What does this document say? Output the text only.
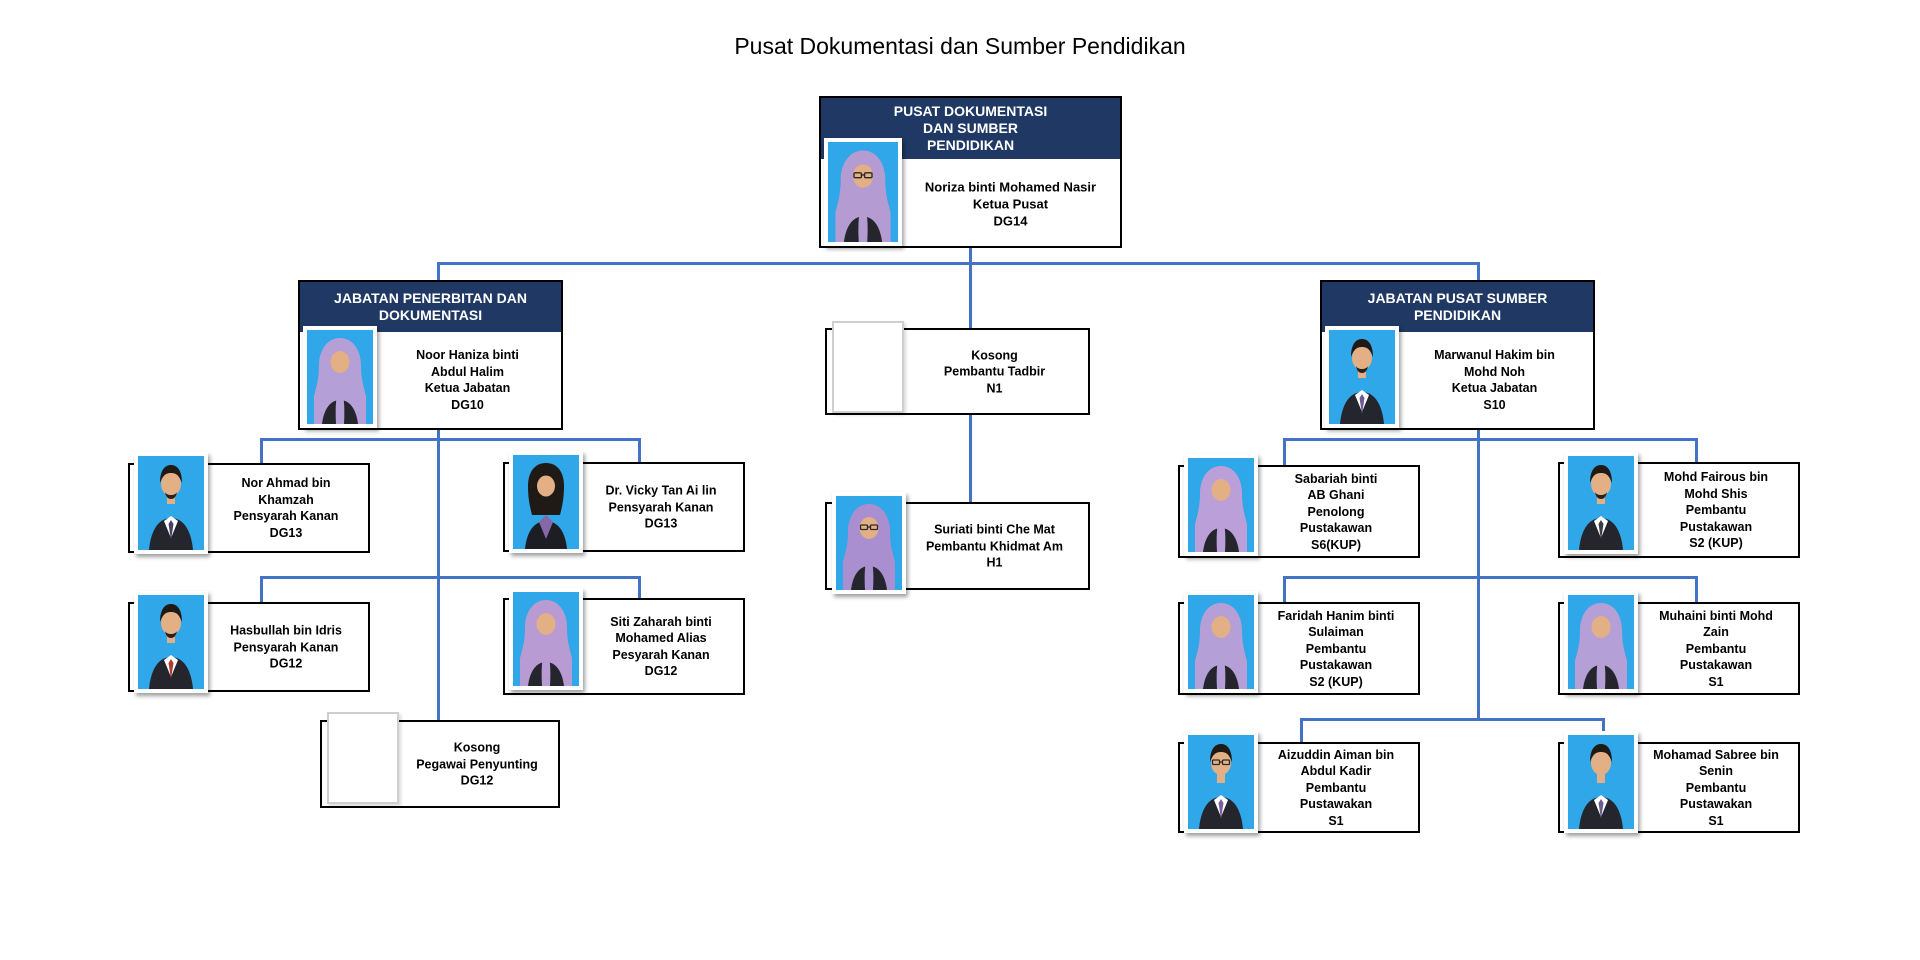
Pusat Dokumentasi dan Sumber Pendidikan
PUSAT DOKUMENTASI
DAN SUMBER
PENDIDIKAN
Noriza binti Mohamed Nasir
Ketua Pusat
DG14
JABATAN PENERBITAN DAN
DOKUMENTASI
Noor Haniza binti
Abdul Halim
Ketua Jabatan
DG10
JABATAN PUSAT SUMBER
PENDIDIKAN
Marwanul Hakim bin
Mohd Noh
Ketua Jabatan
S10
Kosong
Pembantu Tadbir
N1
Suriati binti Che Mat
Pembantu Khidmat Am
H1
Nor Ahmad bin
Khamzah
Pensyarah Kanan
DG13
Dr. Vicky Tan Ai lin
Pensyarah Kanan
DG13
Hasbullah bin Idris
Pensyarah Kanan
DG12
Siti Zaharah binti
Mohamed Alias
Pesyarah Kanan
DG12
Kosong
Pegawai Penyunting
DG12
Sabariah binti
AB Ghani
Penolong
Pustakawan
S6(KUP)
Mohd Fairous bin
Mohd Shis
Pembantu
Pustakawan
S2 (KUP)
Faridah Hanim binti
Sulaiman
Pembantu
Pustakawan
S2 (KUP)
Muhaini binti Mohd
Zain
Pembantu
Pustakawan
S1
Aizuddin Aiman bin
Abdul Kadir
Pembantu
Pustawakan
S1
Mohamad Sabree bin
Senin
Pembantu
Pustawakan
S1
